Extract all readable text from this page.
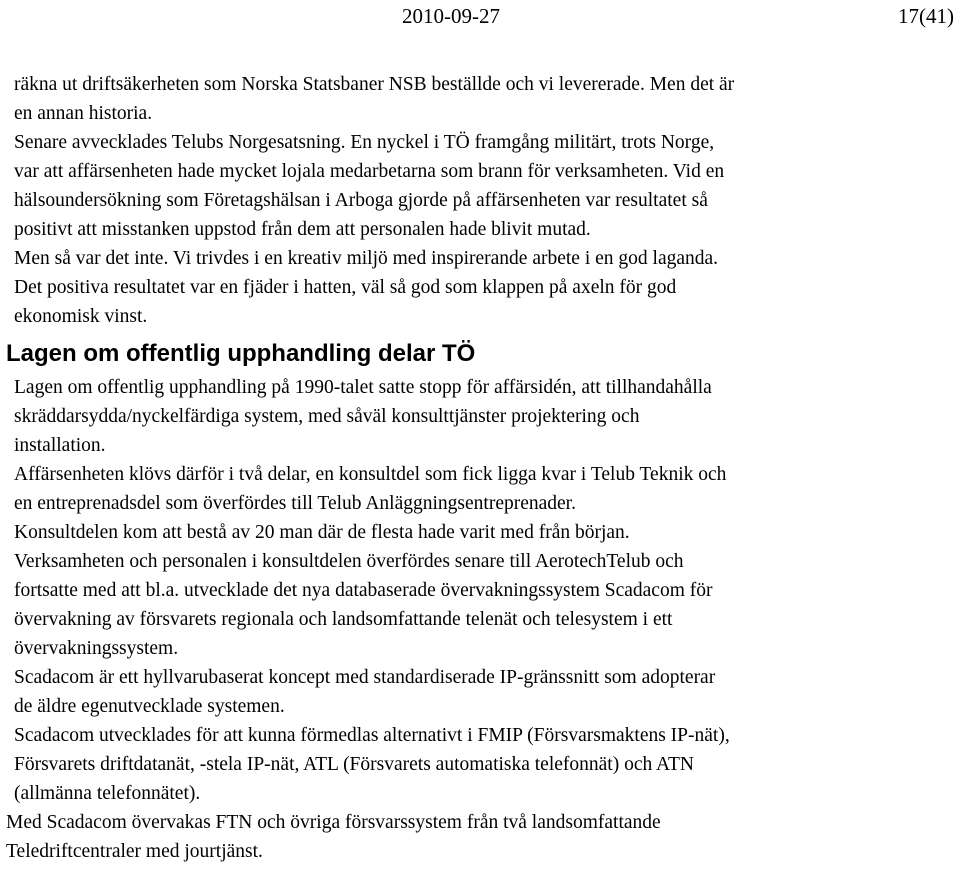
2010-09-27	17(41)

räkna ut driftsäkerheten som Norska Statsbaner NSB beställde och vi levererade. Men det är
en annan historia.

Senare avvecklades Telubs Norgesatsning. En nyckel i TÖ framgång militärt, trots Norge,
var att affärsenheten hade mycket lojala medarbetarna som brann för verksamheten. Vid en
hälsoundersökning som Företagshälsan i Arboga gjorde på affärsenheten var resultatet så
positivt att misstanken uppstod från dem att personalen hade blivit mutad.

Men så var det inte. Vi trivdes i en kreativ miljö med inspirerande arbete i en god laganda.

Det positiva resultatet var en fjäder i hatten, väl så god som klappen på axeln för god
ekonomisk vinst.

Lagen om offentlig upphandling delar TÖ

Lagen om offentlig upphandling på 1990-talet satte stopp för affärsidén, att tillhandahålla
skräddarsydda/nyckelfärdiga system, med såväl konsulttjänster projektering och
installation.

Affärsenheten klövs därför i två delar, en konsultdel som fick ligga kvar i Telub Teknik och
en entreprenadsdel som överfördes till Telub Anläggningsentreprenader.

Konsultdelen kom att bestå av 20 man där de flesta hade varit med från början.

Verksamheten och personalen i konsultdelen överfördes senare till AerotechTelub och
fortsatte med att bl.a. utvecklade det nya databaserade övervakningssystem Scadacom för
övervakning av försvarets regionala och landsomfattande telenät och telesystem i ett
övervakningssystem.

Scadacom är ett hyllvarubaserat koncept med standardiserade IP-gränssnitt som adopterar
de äldre egenutvecklade systemen.

Scadacom utvecklades för att kunna förmedlas alternativt i FMIP (Försvarsmaktens IP-nät),
Försvarets driftdatanät, -stela IP-nät, ATL (Försvarets automatiska telefonnät) och ATN
(allmänna telefonnätet).

Med Scadacom övervakas FTN och övriga försvarssystem från två landsomfattande
Teledriftcentraler med jourtjänst.
